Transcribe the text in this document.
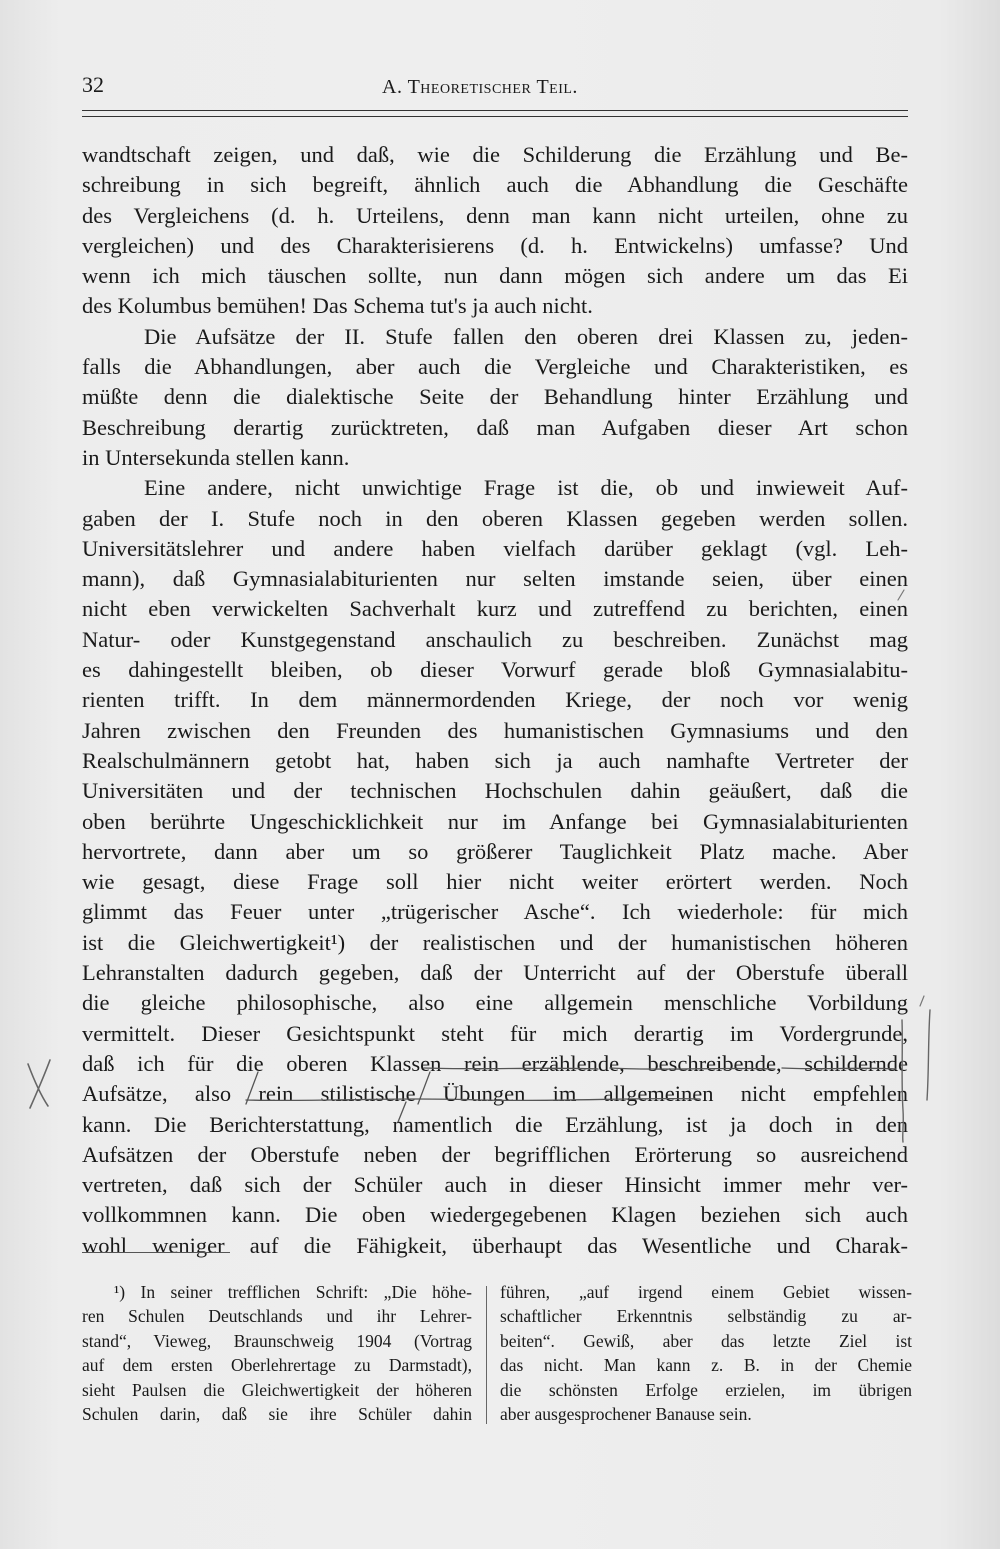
32	A. Theoretischer Teil.
wandtschaft zeigen, und daß, wie die Schilderung die Erzählung und Be-
schreibung in sich begreift, ähnlich auch die Abhandlung die Geschäfte
des Vergleichens (d. h. Urteilens, denn man kann nicht urteilen, ohne zu
vergleichen) und des Charakterisierens (d. h. Entwickelns) umfasse? Und
wenn ich mich täuschen sollte, nun dann mögen sich andere um das Ei
des Kolumbus bemühen! Das Schema tut's ja auch nicht.
Die Aufsätze der II. Stufe fallen den oberen drei Klassen zu, jeden-
falls die Abhandlungen, aber auch die Vergleiche und Charakteristiken, es
müßte denn die dialektische Seite der Behandlung hinter Erzählung und
Beschreibung derartig zurücktreten, daß man Aufgaben dieser Art schon
in Untersekunda stellen kann.
Eine andere, nicht unwichtige Frage ist die, ob und inwieweit Auf-
gaben der I. Stufe noch in den oberen Klassen gegeben werden sollen.
Universitätslehrer und andere haben vielfach darüber geklagt (vgl. Leh-
mann), daß Gymnasialabiturienten nur selten imstande seien, über einen
nicht eben verwickelten Sachverhalt kurz und zutreffend zu berichten, einen
Natur- oder Kunstgegenstand anschaulich zu beschreiben. Zunächst mag
es dahingestellt bleiben, ob dieser Vorwurf gerade bloß Gymnasialabitu-
rienten trifft. In dem männermordenden Kriege, der noch vor wenig
Jahren zwischen den Freunden des humanistischen Gymnasiums und den
Realschulmännern getobt hat, haben sich ja auch namhafte Vertreter der
Universitäten und der technischen Hochschulen dahin geäußert, daß die
oben berührte Ungeschicklichkeit nur im Anfange bei Gymnasialabiturienten
hervortrete, dann aber um so größerer Tauglichkeit Platz mache. Aber
wie gesagt, diese Frage soll hier nicht weiter erörtert werden. Noch
glimmt das Feuer unter „trügerischer Asche“. Ich wiederhole: für mich
ist die Gleichwertigkeit¹) der realistischen und der humanistischen höheren
Lehranstalten dadurch gegeben, daß der Unterricht auf der Oberstufe überall
die gleiche philosophische, also eine allgemein menschliche Vorbildung
vermittelt. Dieser Gesichtspunkt steht für mich derartig im Vordergrunde,
daß ich für die oberen Klassen rein erzählende, beschreibende, schildernde
Aufsätze, also rein stilistische Übungen im allgemeinen nicht empfehlen
kann. Die Berichterstattung, namentlich die Erzählung, ist ja doch in den
Aufsätzen der Oberstufe neben der begrifflichen Erörterung so ausreichend
vertreten, daß sich der Schüler auch in dieser Hinsicht immer mehr ver-
vollkommnen kann. Die oben wiedergegebenen Klagen beziehen sich auch
wohl weniger auf die Fähigkeit, überhaupt das Wesentliche und Charak-
¹) In seiner trefflichen Schrift: „Die höhe-
ren Schulen Deutschlands und ihr Lehrer-
stand“, Vieweg, Braunschweig 1904 (Vortrag
auf dem ersten Oberlehrertage zu Darmstadt),
sieht Paulsen die Gleichwertigkeit der höheren
Schulen darin, daß sie ihre Schüler dahin
führen, „auf irgend einem Gebiet wissen-
schaftlicher Erkenntnis selbständig zu ar-
beiten“. Gewiß, aber das letzte Ziel ist
das nicht. Man kann z. B. in der Chemie
die schönsten Erfolge erzielen, im übrigen
aber ausgesprochener Banause sein.
